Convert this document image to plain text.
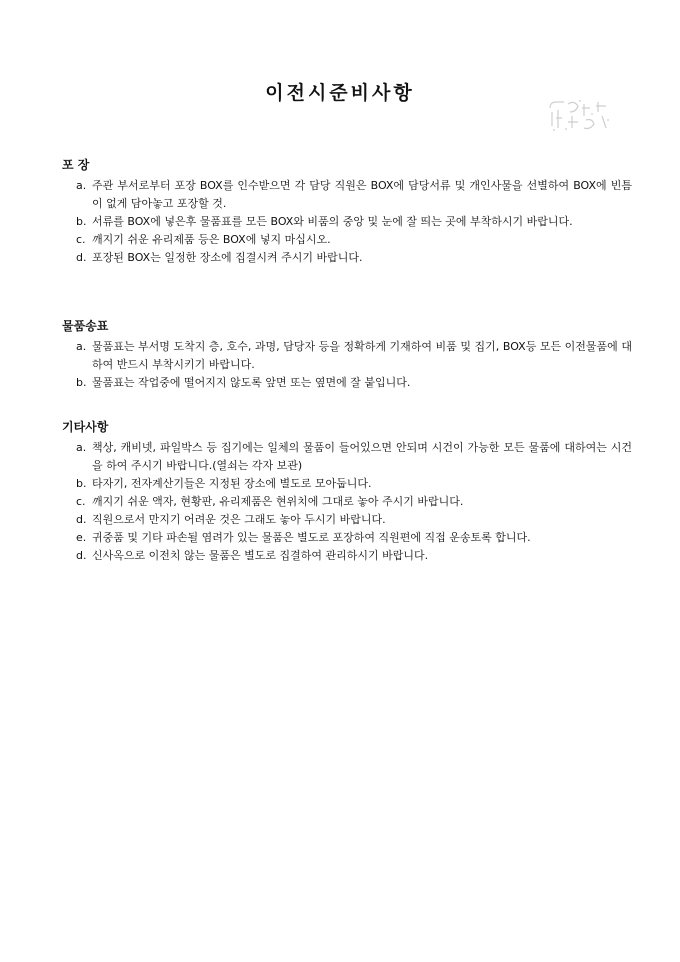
이전시준비사항
포 장
a. 주관 부서로부터 포장 BOX를 인수받으면 각 담당 직원은 BOX에 담당서류 및 개인사물을 선별하여 BOX에 빈틈이 없게 담아놓고 포장할 것.
b. 서류를 BOX에 넣은후 물품표를 모든 BOX와 비품의 중앙 및 눈에 잘 띄는 곳에 부착하시기 바랍니다.
c. 깨지기 쉬운 유리제품 등은 BOX에 넣지 마십시오.
d. 포장된 BOX는 일정한 장소에 집결시켜 주시기 바랍니다.
물품송표
a. 물품표는 부서명 도착지 층, 호수, 과명, 담당자 등을 정확하게 기재하여 비품 및 집기, BOX등 모든 이전물품에 대하여 반드시 부착시키기 바랍니다.
b. 물품표는 작업중에 떨어지지 않도록 앞면 또는 옆면에 잘 붙입니다.
기타사항
a. 책상, 캐비넷, 파일박스 등 집기에는 일체의 물품이 들어있으면 안되며 시건이 가능한 모든 물품에 대하여는 시건을 하여 주시기 바랍니다.(열쇠는 각자 보관)
b. 타자기, 전자계산기들은 지정된 장소에 별도로 모아둡니다.
c. 깨지기 쉬운 액자, 현황판, 유리제품은 현위치에 그대로 놓아 주시기 바랍니다.
d. 직원으로서 만지기 어려운 것은 그래도 놓아 두시기 바랍니다.
e. 귀중품 및 기타 파손될 염려가 있는 물품은 별도로 포장하여 직원편에 직접 운송토록 합니다.
d. 신사옥으로 이전치 않는 물품은 별도로 집결하여 관리하시기 바랍니다.
